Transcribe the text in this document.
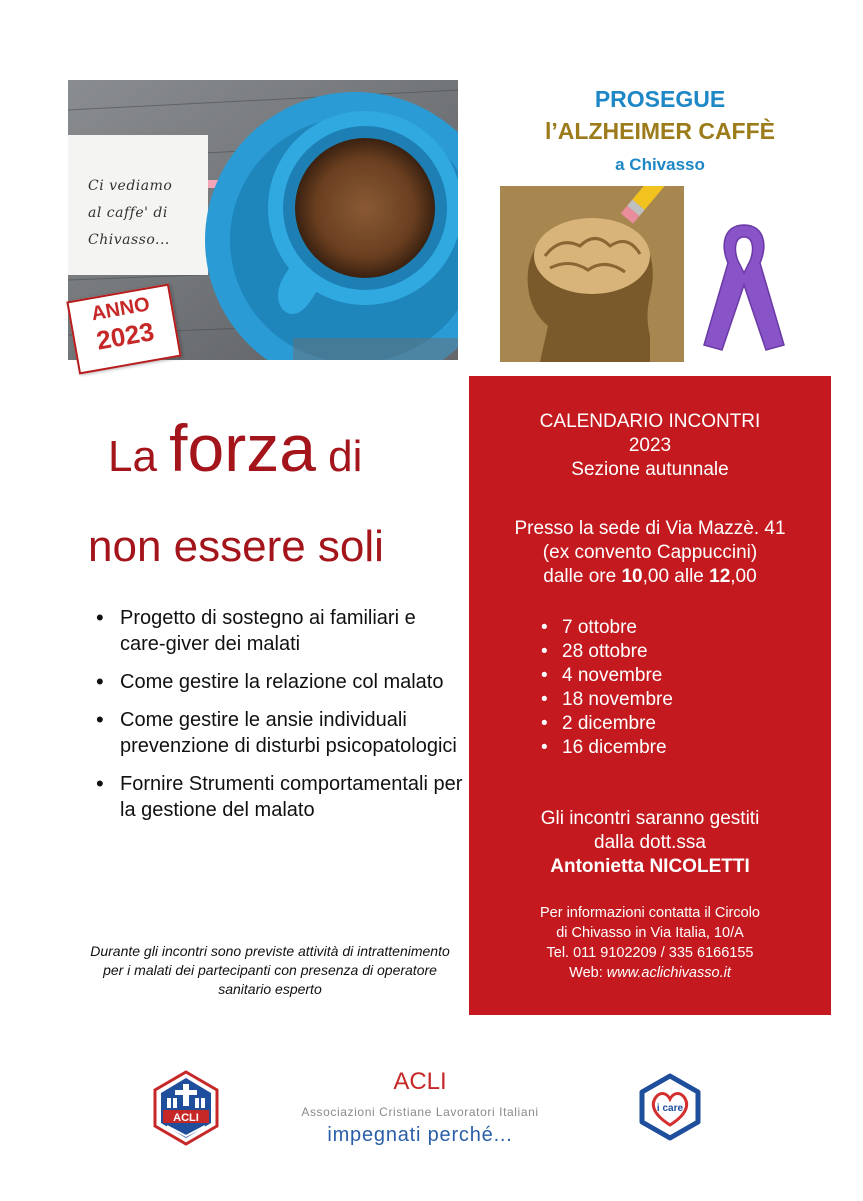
Ci vediamo
al caffe' di
Chivasso...
ANNO
2023
PROSEGUE
l’ALZHEIMER CAFFÈ
a Chivasso
La forza di
non essere soli
• Progetto di sostegno ai familiari e care-giver dei malati
• Come gestire la relazione col malato
• Come gestire le ansie individuali prevenzione di disturbi psicopatologici
• Fornire Strumenti comportamentali per la gestione del malato
Durante gli incontri sono previste attività di intrattenimento per i malati dei partecipanti con presenza di operatore sanitario esperto
CALENDARIO INCONTRI
2023
Sezione autunnale
Presso la sede di Via Mazzè. 41
(ex convento Cappuccini)
dalle ore 10,00 alle 12,00
• 7 ottobre
• 28 ottobre
• 4 novembre
• 18 novembre
• 2 dicembre
• 16 dicembre
Gli incontri saranno gestiti
dalla dott.ssa
Antonietta NICOLETTI
Per informazioni contatta il Circolo
di Chivasso in Via Italia, 10/A
Tel. 011 9102209 / 335 6166155
Web: www.aclichivasso.it
ACLI
ACLI
Associazioni Cristiane Lavoratori Italiani
impegnati perché...
i care
